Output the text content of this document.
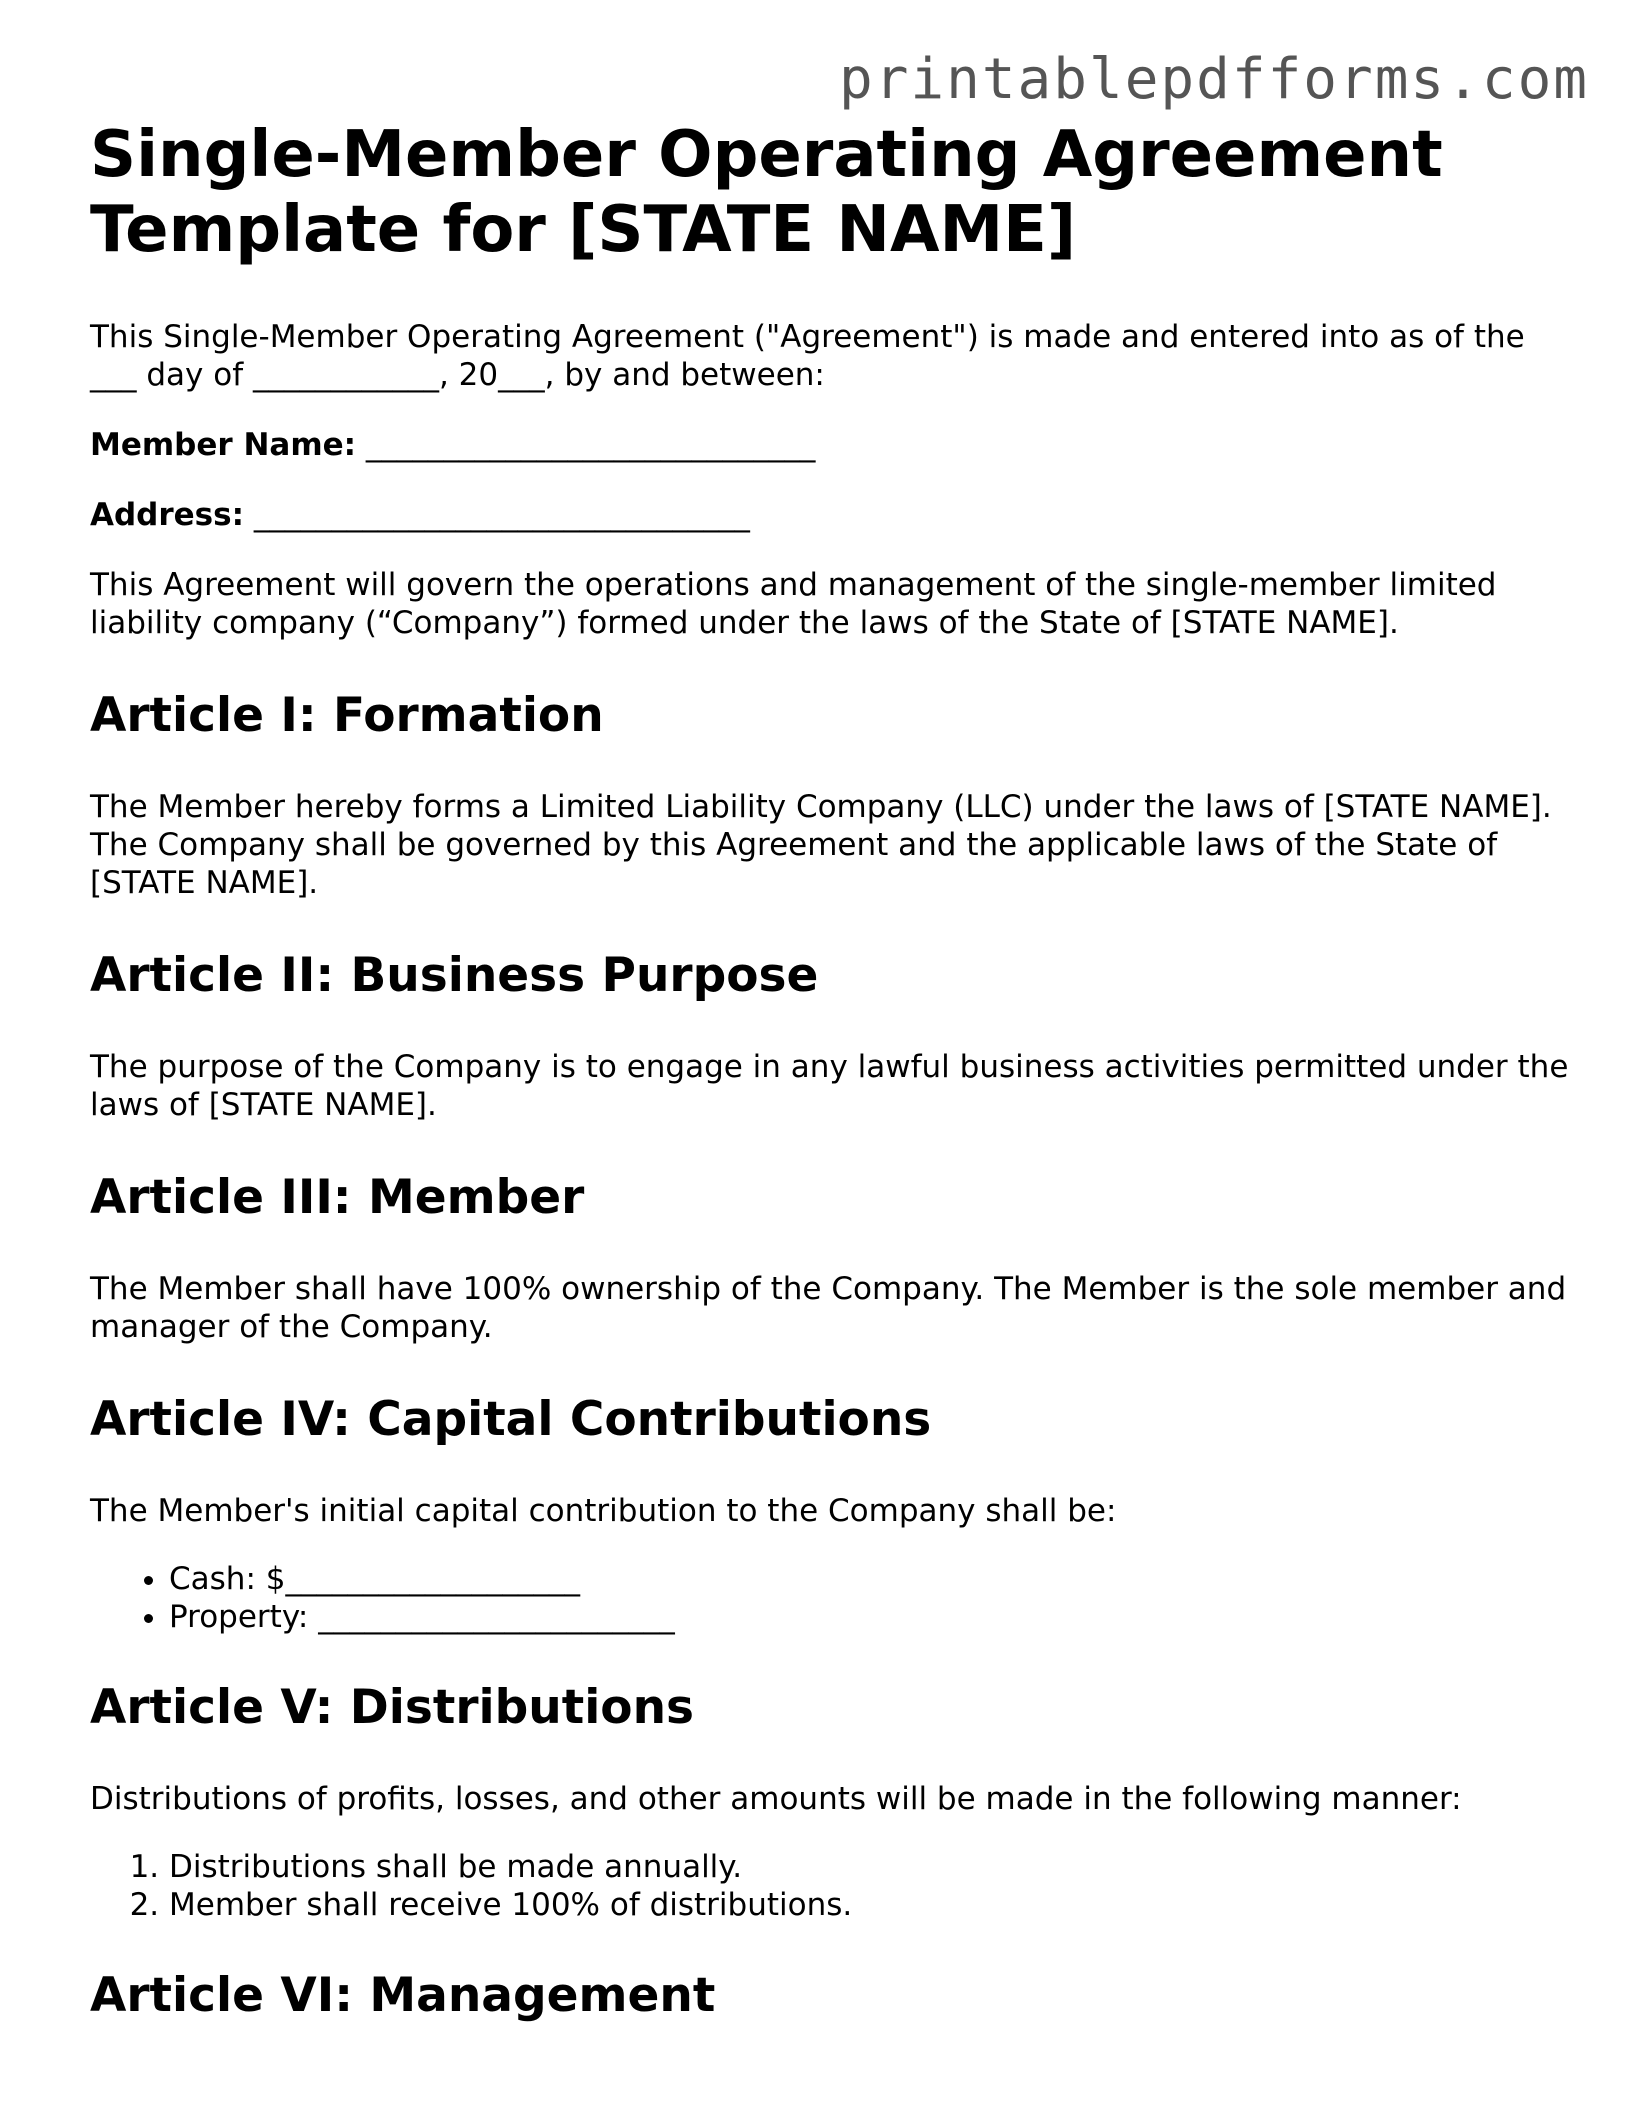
printablepdfforms.com
Single-Member Operating Agreement Template for [STATE NAME]

This Single-Member Operating Agreement ("Agreement") is made and entered into as of the ___ day of ____________, 20___, by and between:

Member Name: _____________________________

Address: ________________________________

This Agreement will govern the operations and management of the single-member limited liability company (“Company”) formed under the laws of the State of [STATE NAME].

Article I: Formation

The Member hereby forms a Limited Liability Company (LLC) under the laws of [STATE NAME]. The Company shall be governed by this Agreement and the applicable laws of the State of [STATE NAME].

Article II: Business Purpose

The purpose of the Company is to engage in any lawful business activities permitted under the laws of [STATE NAME].

Article III: Member

The Member shall have 100% ownership of the Company. The Member is the sole member and manager of the Company.

Article IV: Capital Contributions

The Member's initial capital contribution to the Company shall be:

• Cash: $___________________
• Property: _______________________
Article V: Distributions

Distributions of profits, losses, and other amounts will be made in the following manner:

1. Distributions shall be made annually.
2. Member shall receive 100% of distributions.
Article VI: Management
